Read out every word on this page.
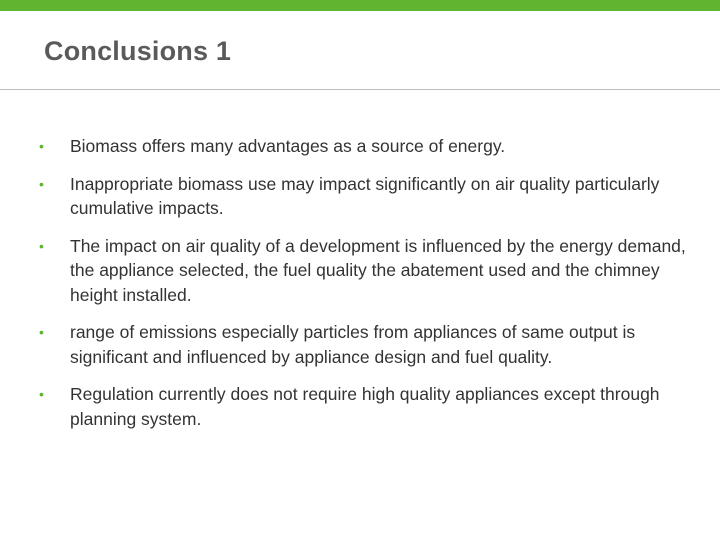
Conclusions 1
• Biomass offers many advantages as a source of energy.
• Inappropriate biomass use may impact significantly on air quality particularly cumulative impacts.
• The impact on air quality of a development is influenced by the energy demand, the appliance selected, the fuel quality the abatement used and the chimney height installed.
• range of emissions especially particles from appliances of same output is significant and influenced by appliance design and fuel quality.
• Regulation currently does not require high quality appliances except through planning system.
